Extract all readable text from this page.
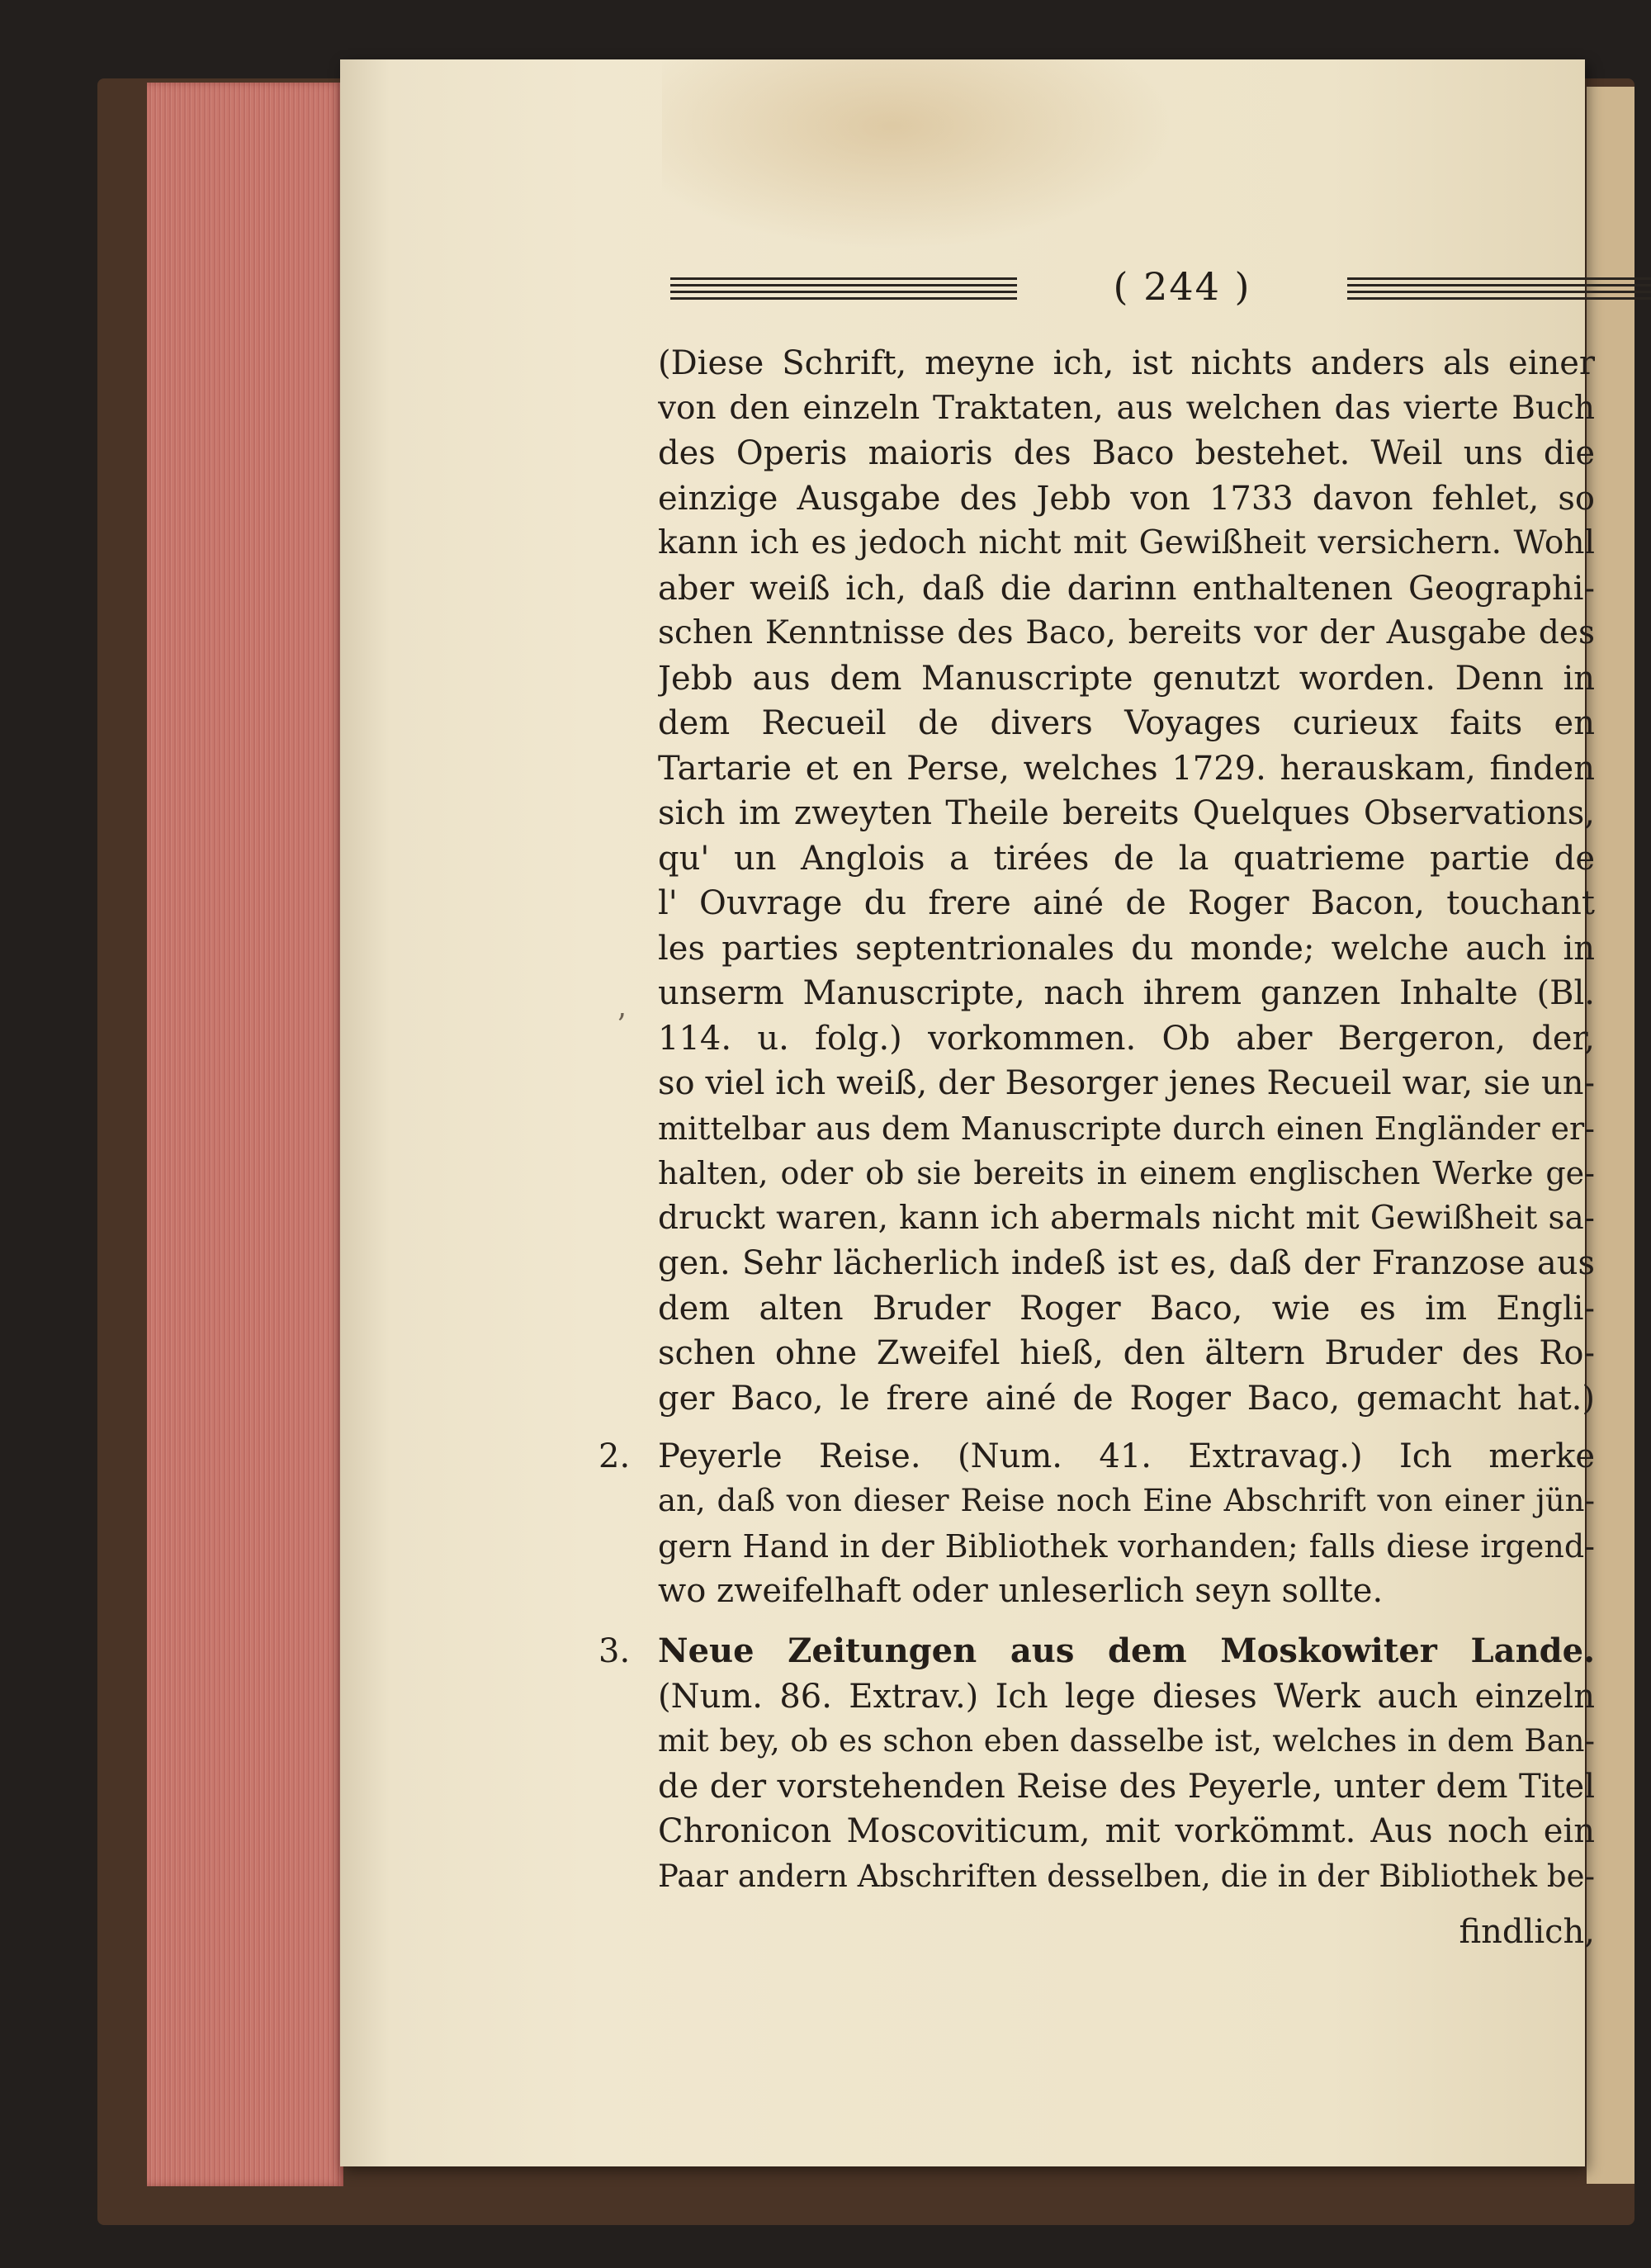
( 244 )
ʼ
(Diese Schrift, meyne ich, ist nichts anders als einer
von den einzeln Traktaten, aus welchen das vierte Buch
des Operis maioris des Baco bestehet. Weil uns die
einzige Ausgabe des Jebb von 1733 davon fehlet, so
kann ich es jedoch nicht mit Gewißheit versichern. Wohl
aber weiß ich, daß die darinn enthaltenen Geographi-
schen Kenntnisse des Baco, bereits vor der Ausgabe des
Jebb aus dem Manuscripte genutzt worden. Denn in
dem Recueil de divers Voyages curieux faits en
Tartarie et en Perse, welches 1729. herauskam, finden
sich im zweyten Theile bereits Quelques Observations,
qu' un Anglois a tirées de la quatrieme partie de
l' Ouvrage du frere ainé de Roger Bacon, touchant
les parties septentrionales du monde; welche auch in
unserm Manuscripte, nach ihrem ganzen Inhalte (Bl.
114. u. folg.) vorkommen. Ob aber Bergeron, der,
so viel ich weiß, der Besorger jenes Recueil war, sie un-
mittelbar aus dem Manuscripte durch einen Engländer er-
halten, oder ob sie bereits in einem englischen Werke ge-
druckt waren, kann ich abermals nicht mit Gewißheit sa-
gen. Sehr lächerlich indeß ist es, daß der Franzose aus
dem alten Bruder Roger Baco, wie es im Engli-
schen ohne Zweifel hieß, den ältern Bruder des Ro-
ger Baco, le frere ainé de Roger Baco, gemacht hat.)
2. Peyerle Reise. (Num. 41. Extravag.) Ich merke
an, daß von dieser Reise noch Eine Abschrift von einer jün-
gern Hand in der Bibliothek vorhanden; falls diese irgend-
wo zweifelhaft oder unleserlich seyn sollte.
3. Neue Zeitungen aus dem Moskowiter Lande.
(Num. 86. Extrav.) Ich lege dieses Werk auch einzeln
mit bey, ob es schon eben dasselbe ist, welches in dem Ban-
de der vorstehenden Reise des Peyerle, unter dem Titel
Chronicon Moscoviticum, mit vorkömmt. Aus noch ein
Paar andern Abschriften desselben, die in der Bibliothek be-
findlich,
